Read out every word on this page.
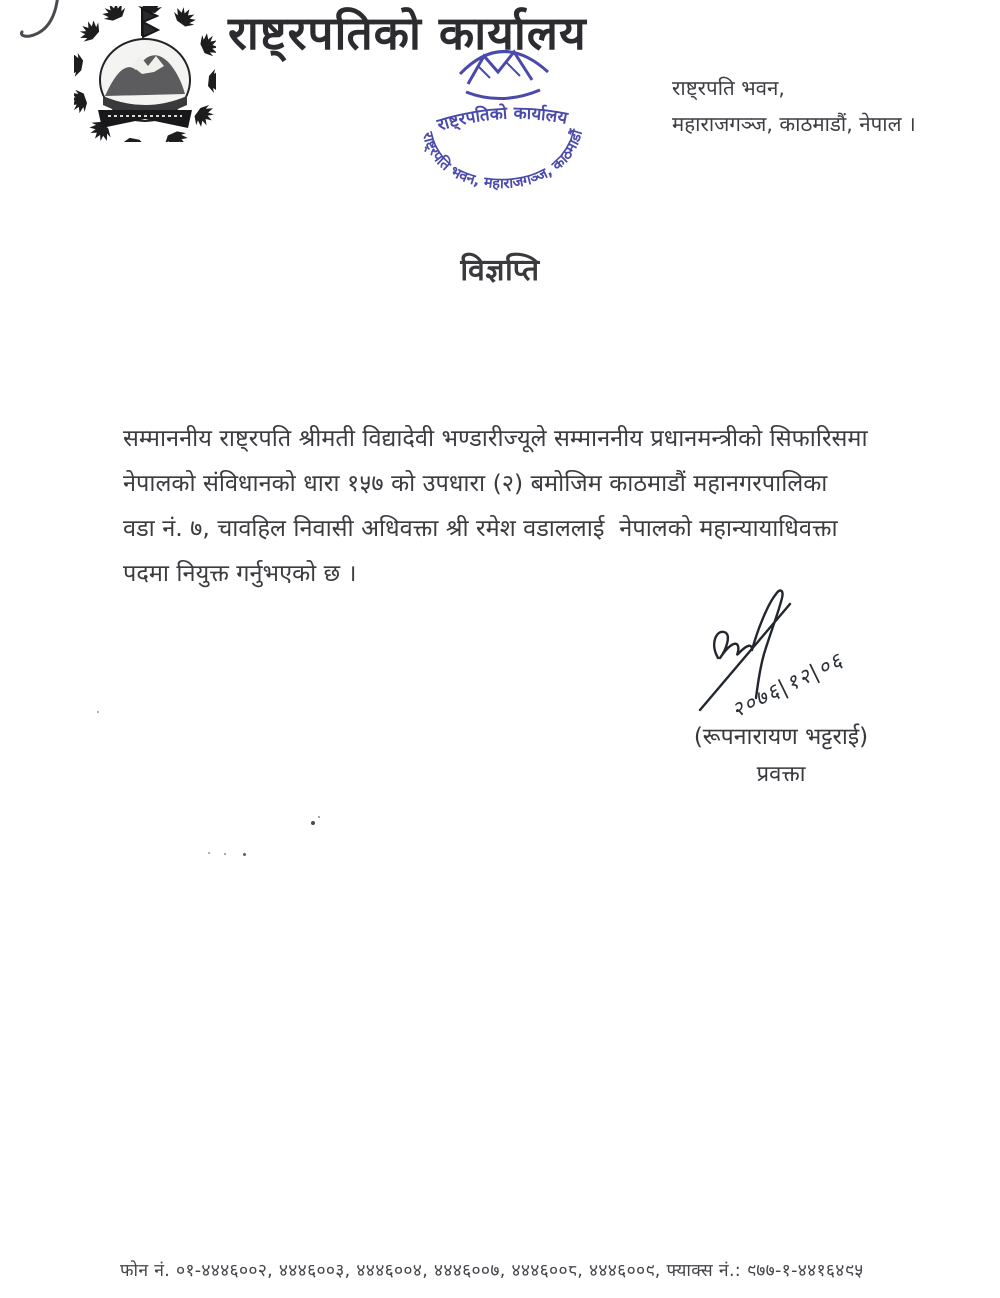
राष्ट्रपतिको कार्यालय
राष्ट्रपतिको कार्यालय
राष्ट्रपति भवन, महाराजगञ्ज, काठमाडौं
राष्ट्रपति भवन,
महाराजगञ्ज, काठमाडौं, नेपाल ।
विज्ञप्ति
सम्माननीय राष्ट्रपति श्रीमती विद्यादेवी भण्डारीज्यूले सम्माननीय प्रधानमन्त्रीको सिफारिसमा
नेपालको संविधानको धारा १५७ को उपधारा (२) बमोजिम काठमाडौं महानगरपालिका
वडा नं. ७, चावहिल निवासी अधिवक्ता श्री रमेश वडाललाई  नेपालको महान्यायाधिवक्ता
पदमा नियुक्त गर्नुभएको छ ।
२०७६|१२|०६
(रूपनारायण भट्टराई)
प्रवक्ता
फोन नं. ०१-४४४६००२, ४४४६००३, ४४४६००४, ४४४६००७, ४४४६००८, ४४४६००९, फ्याक्स नं.: ९७७-१-४४१६४९५
